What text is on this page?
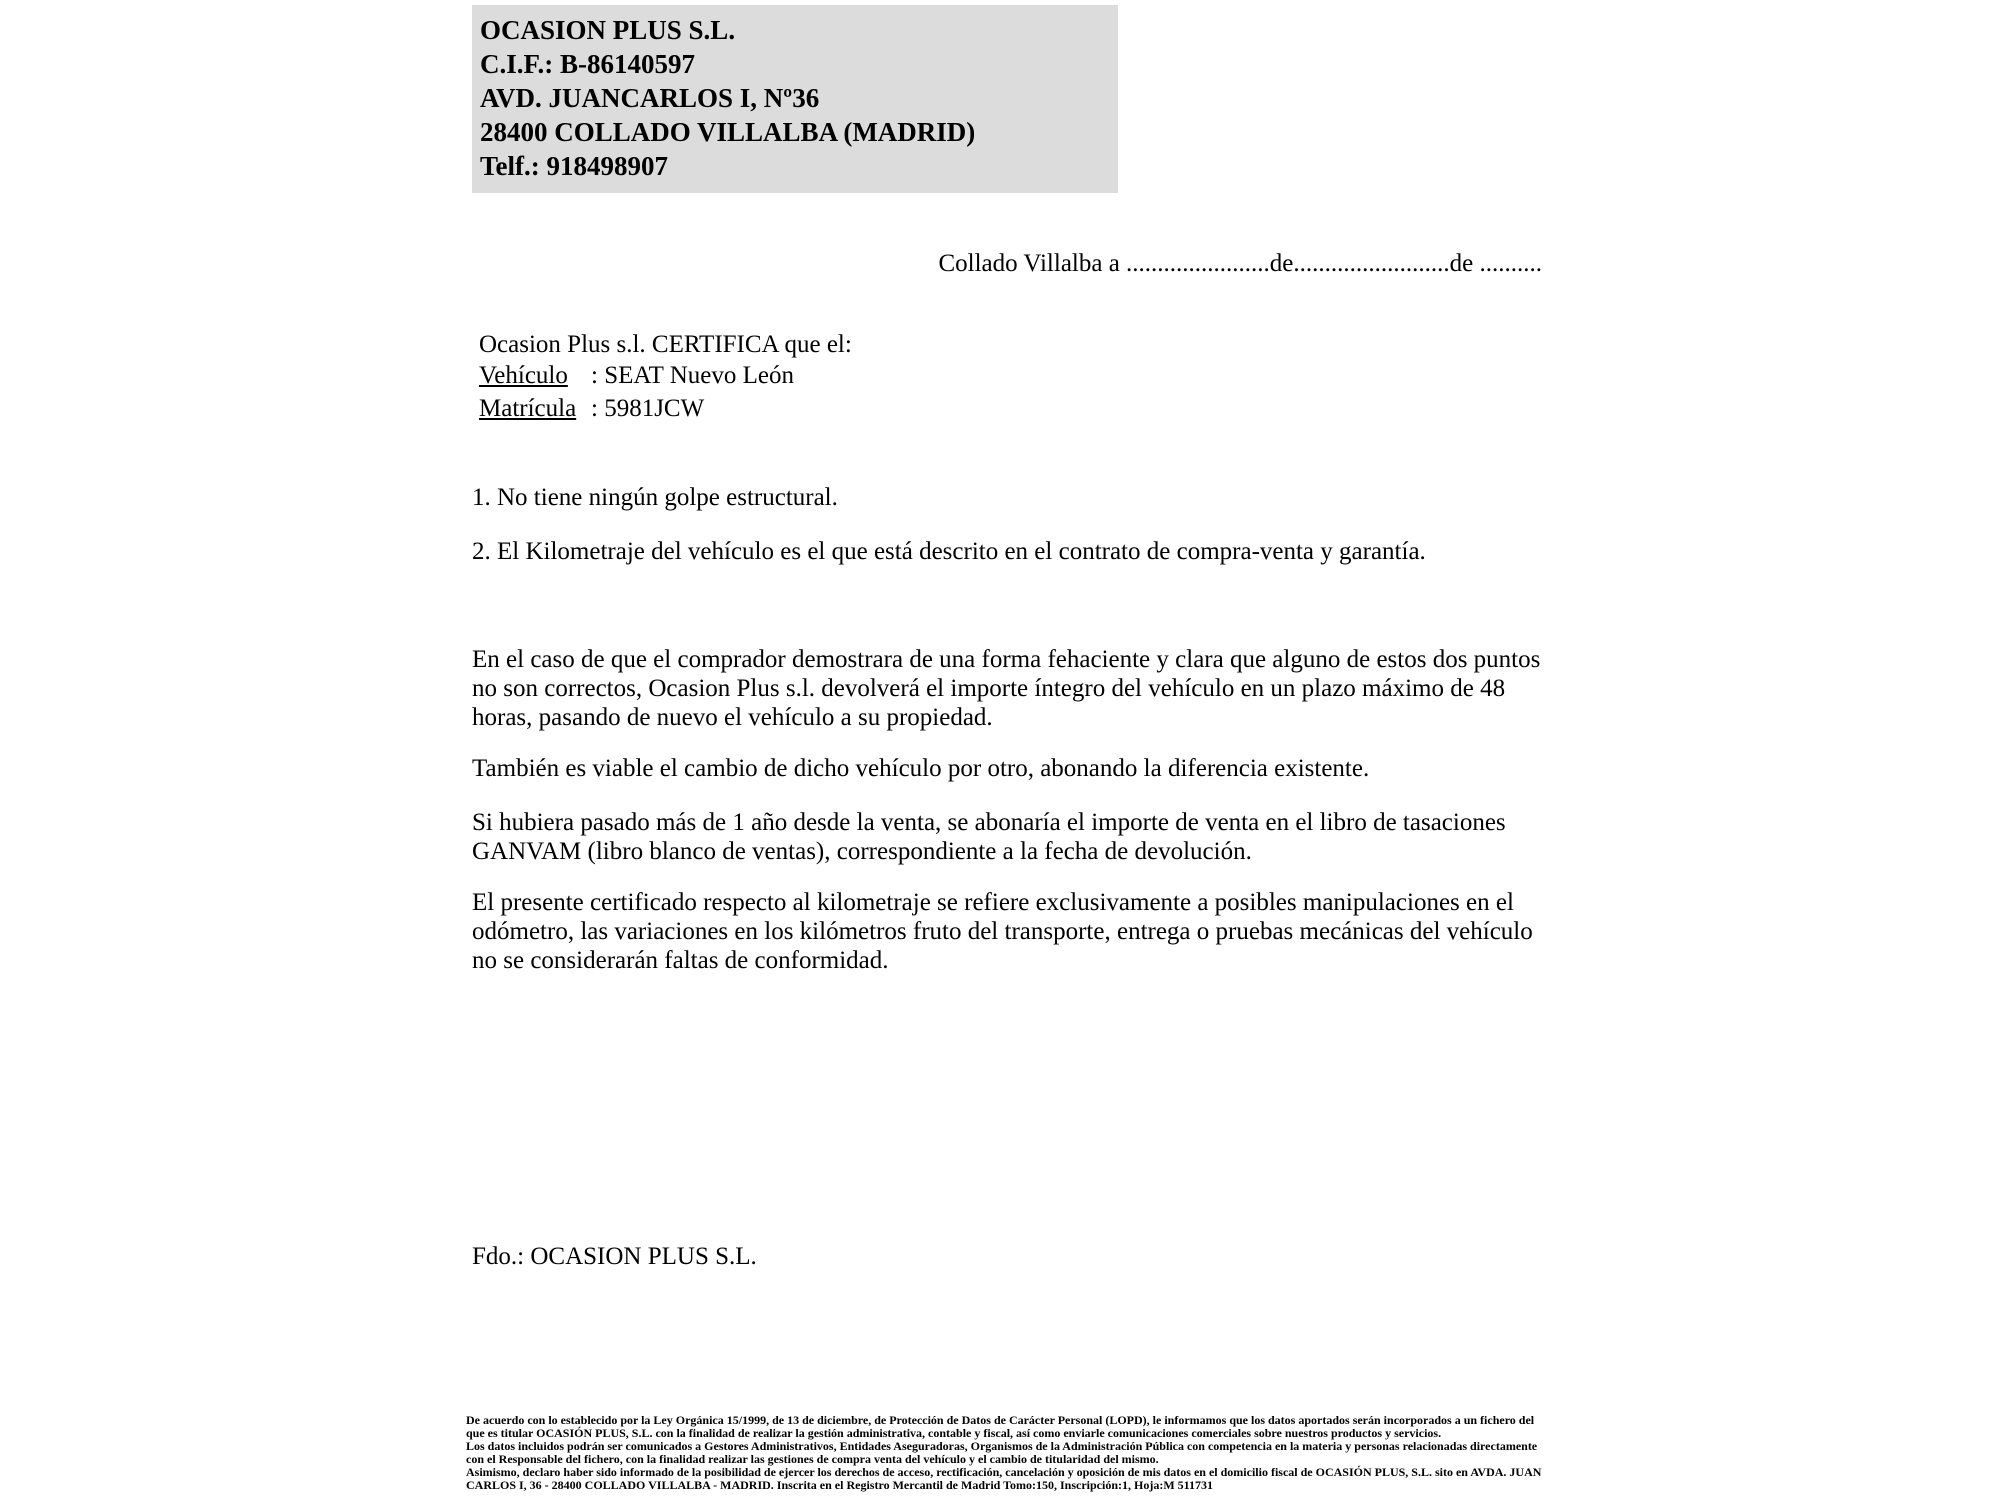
OCASION PLUS S.L.
C.I.F.: B-86140597
AVD. JUANCARLOS I, Nº36
28400 COLLADO VILLALBA (MADRID)
Telf.: 918498907
Collado Villalba a .......................de.........................de ..........
Ocasion Plus s.l. CERTIFICA que el:
Vehículo : SEAT Nuevo León
Matrícula : 5981JCW
1. No tiene ningún golpe estructural.
2. El Kilometraje del vehículo es el que está descrito en el contrato de compra-venta y garantía.

En el caso de que el comprador demostrara de una forma fehaciente y clara que alguno de estos dos puntos no son correctos, Ocasion Plus s.l. devolverá el importe íntegro del vehículo en un plazo máximo de 48 horas, pasando de nuevo el vehículo a su propiedad.

También es viable el cambio de dicho vehículo por otro, abonando la diferencia existente.

Si hubiera pasado más de 1 año desde la venta, se abonaría el importe de venta en el libro de tasaciones GANVAM (libro blanco de ventas), correspondiente a la fecha de devolución.

El presente certificado respecto al kilometraje se refiere exclusivamente a posibles manipulaciones en el odómetro, las variaciones en los kilómetros fruto del transporte, entrega o pruebas mecánicas del vehículo no se considerarán faltas de conformidad.

Fdo.: OCASION PLUS S.L.

De acuerdo con lo establecido por la Ley Orgánica 15/1999, de 13 de diciembre, de Protección de Datos de Carácter Personal (LOPD), le informamos que los datos aportados serán incorporados a un fichero del que es titular OCASIÓN PLUS, S.L. con la finalidad de realizar la gestión administrativa, contable y fiscal, así como enviarle comunicaciones comerciales sobre nuestros productos y servicios.

Los datos incluidos podrán ser comunicados a Gestores Administrativos, Entidades Aseguradoras, Organismos de la Administración Pública con competencia en la materia y personas relacionadas directamente con el Responsable del fichero, con la finalidad realizar las gestiones de compra venta del vehículo y el cambio de titularidad del mismo.

Asimismo, declaro haber sido informado de la posibilidad de ejercer los derechos de acceso, rectificación, cancelación y oposición de mis datos en el domicilio fiscal de OCASIÓN PLUS, S.L. sito en AVDA. JUAN CARLOS I, 36 - 28400 COLLADO VILLALBA - MADRID. Inscrita en el Registro Mercantil de Madrid Tomo:150, Inscripción:1, Hoja:M 511731
